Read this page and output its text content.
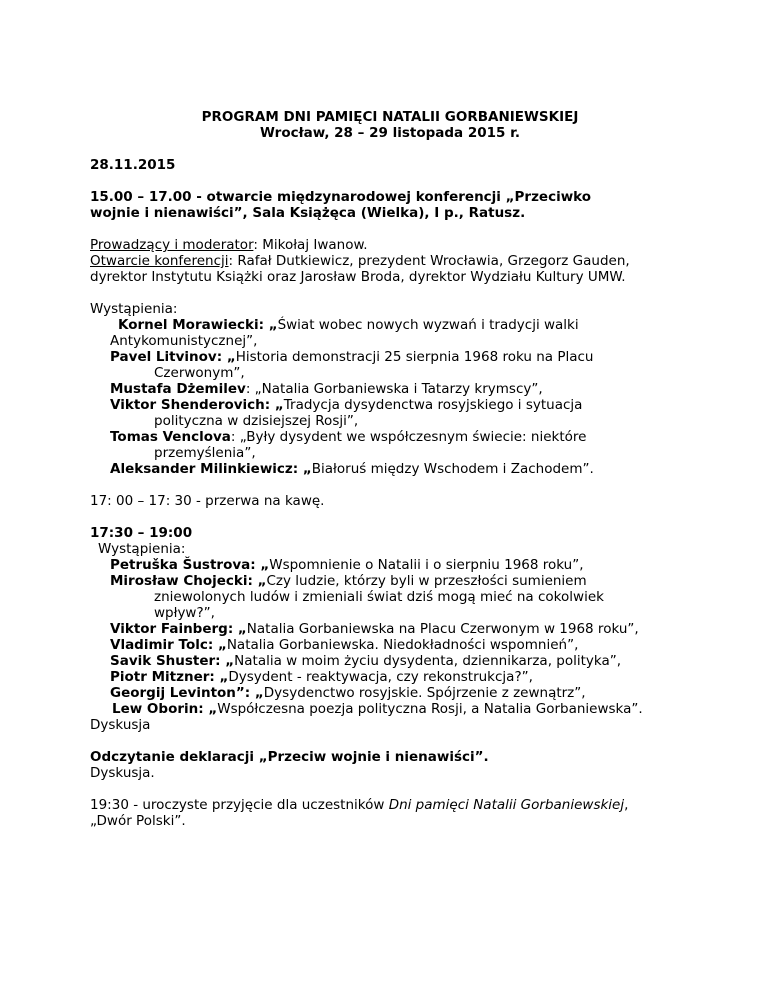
PROGRAM DNI PAMIĘCI NATALII GORBANIEWSKIEJ

Wrocław, 28 – 29 listopada 2015 r.

28.11.2015

15.00 – 17.00 - otwarcie międzynarodowej konferencji „Przeciwko

wojnie i nienawiści”, Sala Książęca (Wielka), I p., Ratusz.

Prowadzący i moderator: Mikołaj Iwanow.

Otwarcie konferencji: Rafał Dutkiewicz, prezydent Wrocławia, Grzegorz Gauden,

dyrektor Instytutu Książki oraz Jarosław Broda, dyrektor Wydziału Kultury UMW.

Wystąpienia:

Kornel Morawiecki: „Świat wobec nowych wyzwań i tradycji walki

Antykomunistycznej”,

Pavel Litvinov: „Historia demonstracji 25 sierpnia 1968 roku na Placu

Czerwonym”,

Mustafa Dżemilev: „Natalia Gorbaniewska i Tatarzy krymscy”,

Viktor Shenderovich: „Tradycja dysydenctwa rosyjskiego i sytuacja

polityczna w dzisiejszej Rosji”,

Tomas Venclova: „Były dysydent we współczesnym świecie: niektóre

przemyślenia”,

Aleksander Milinkiewicz: „Białoruś między Wschodem i Zachodem”.

17: 00 – 17: 30 - przerwa na kawę.

17:30 – 19:00

Wystąpienia:

Petruška Šustrova: „Wspomnienie o Natalii i o sierpniu 1968 roku”,

Mirosław Chojecki: „Czy ludzie, którzy byli w przeszłości sumieniem

zniewolonych ludów i zmieniali świat dziś mogą mieć na cokolwiek

wpływ?”,

Viktor Fainberg: „Natalia Gorbaniewska na Placu Czerwonym w 1968 roku”,

Vladimir Tolc: „Natalia Gorbaniewska. Niedokładności wspomnień”,

Savik Shuster: „Natalia w moim życiu dysydenta, dziennikarza, polityka”,

Piotr Mitzner: „Dysydent - reaktywacja, czy rekonstrukcja?”,

Georgij Levinton”: „Dysydenctwo rosyjskie. Spójrzenie z zewnątrz”,

Lew Oborin: „Współczesna poezja polityczna Rosji, a Natalia Gorbaniewska”.

Dyskusja

Odczytanie deklaracji „Przeciw wojnie i nienawiści”.

Dyskusja.

19:30 - uroczyste przyjęcie dla uczestników Dni pamięci Natalii Gorbaniewskiej,

„Dwór Polski”.
